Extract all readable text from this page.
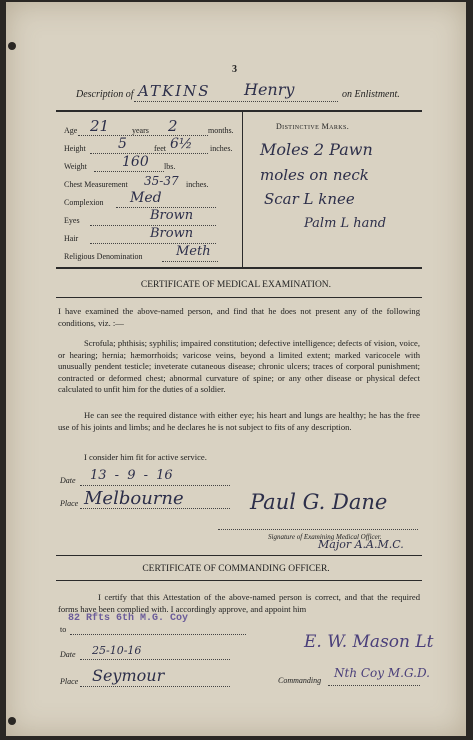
3
Description of ATKINS Henry	on Enlistment.
Age 21	years 2	months.
Height 5	feet 6½ inches.
Weight	160 lbs.
Chest Measurement 35-37 inches.
Complexion Med
Eyes	Brown
Hair	Brown
Religious Denomination	Meth
Distinctive Marks.
Moles 2 Pawn
moles on neck
Scar L knee
Palm L hand
CERTIFICATE OF MEDICAL EXAMINATION.
I have examined the above-named person, and find that he does not present any of the following conditions, viz. :—
Scrofula; phthisis; syphilis; impaired constitution; defective intelligence; defects of vision, voice, or hearing; hernia; hæmorrhoids; varicose veins, beyond a limited extent; marked varicocele with unusually pendent testicle; inveterate cutaneous disease; chronic ulcers; traces of corporal punishment; contracted or deformed chest; abnormal curvature of spine; or any other disease or physical defect calculated to unfit him for the duties of a soldier.
He can see the required distance with either eye; his heart and lungs are healthy; he has the free use of his joints and limbs; and he declares he is not subject to fits of any description.
I consider him fit for active service.
Date 13 - 9 - 16
Place Melbourne	Paul G. Dane
Major A.A.M.C.
Signature of Examining Medical Officer.
CERTIFICATE OF COMMANDING OFFICER.
I certify that this Attestation of the above-named person is correct, and that the required forms have been complied with. I accordingly approve, and appoint him
to
82 Rfts 6th M.G. Coy
Date 25-10-16
Place Seymour
E. W. Mason Lt
Commanding
Nth Coy M.G.D.
